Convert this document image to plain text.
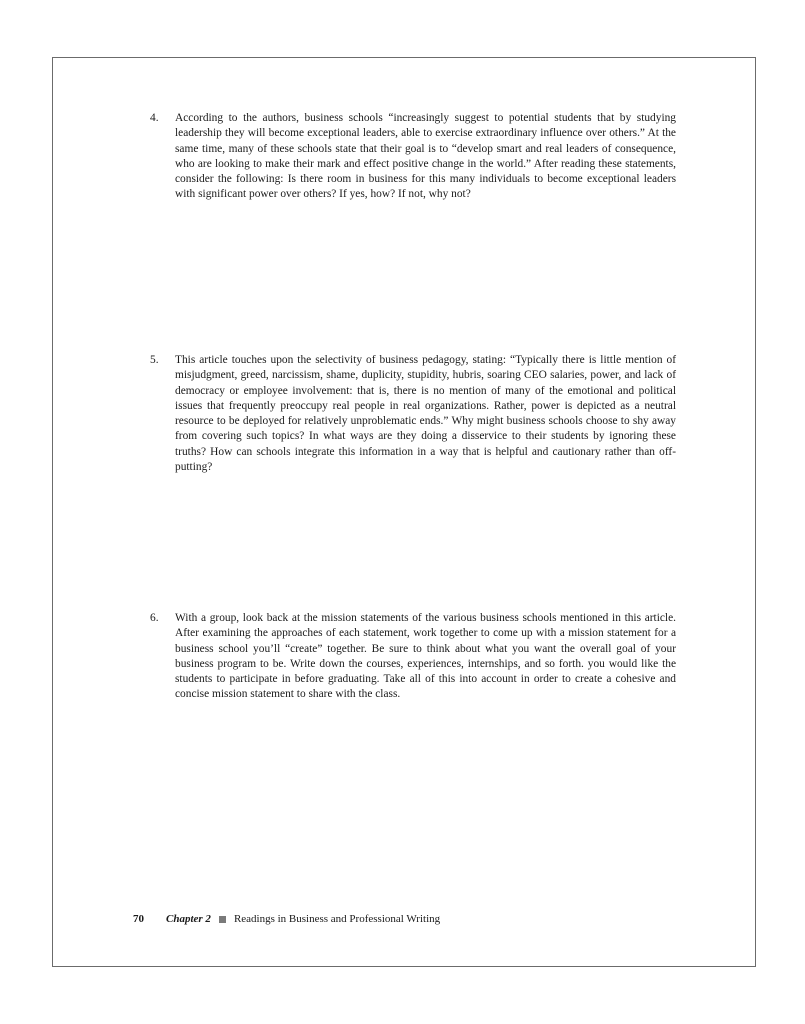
4.	According to the authors, business schools “increasingly suggest to potential students that by studying leadership they will become exceptional leaders, able to exercise extraordinary influence over others.” At the same time, many of these schools state that their goal is to “develop smart and real leaders of consequence, who are looking to make their mark and effect positive change in the world.” After reading these statements, consider the following: Is there room in business for this many individuals to become exceptional leaders with significant power over others? If yes, how? If not, why not?
5.	This article touches upon the selectivity of business pedagogy, stating: “Typically there is little mention of misjudgment, greed, narcissism, shame, duplicity, stupidity, hubris, soaring CEO salaries, power, and lack of democracy or employee involvement: that is, there is no mention of many of the emotional and political issues that frequently preoccupy real people in real organizations. Rather, power is depicted as a neutral resource to be deployed for relatively unproblematic ends.” Why might business schools choose to shy away from covering such topics? In what ways are they doing a disservice to their students by ignoring these truths? How can schools integrate this information in a way that is helpful and cautionary rather than off-putting?
6.	With a group, look back at the mission statements of the various business schools mentioned in this article. After examining the approaches of each statement, work together to come up with a mission statement for a business school you’ll “create” together. Be sure to think about what you want the overall goal of your business program to be. Write down the courses, experiences, internships, and so forth. you would like the students to participate in before graduating. Take all of this into account in order to create a cohesive and concise mission statement to share with the class.
70 Chapter 2 Readings in Business and Professional Writing
